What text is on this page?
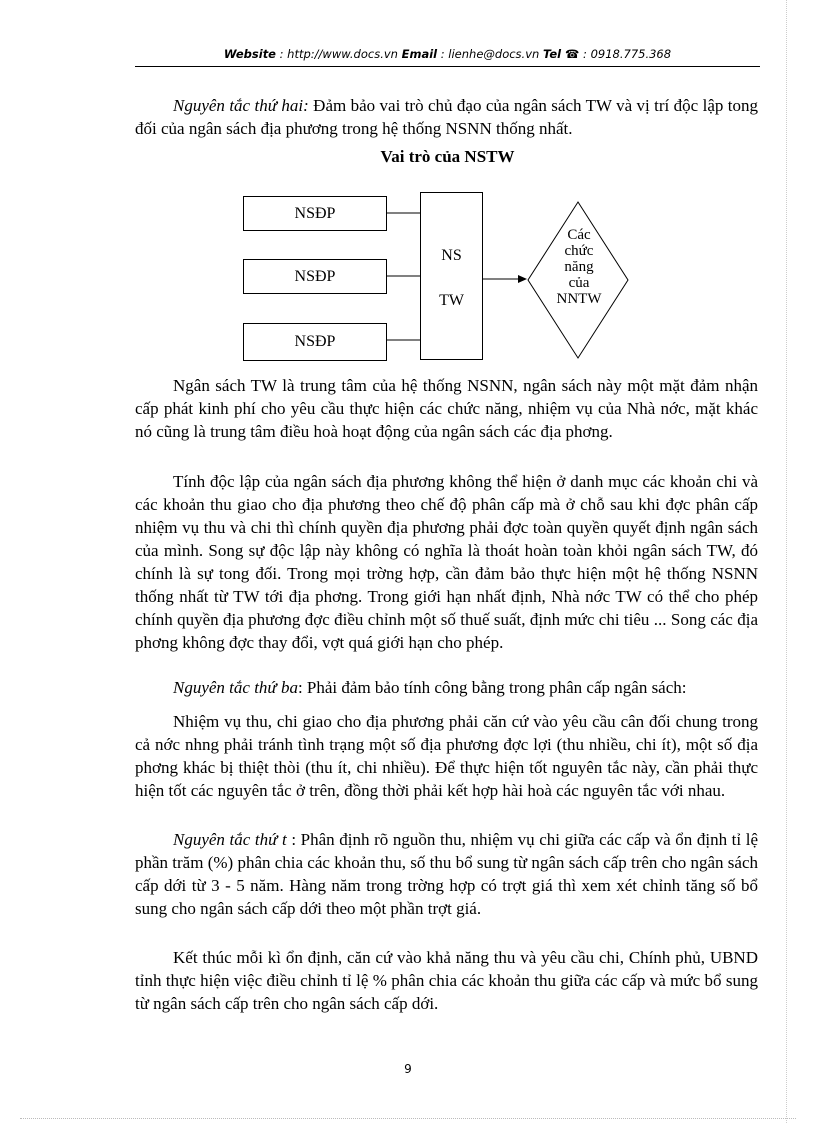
Website : http://www.docs.vn Email : lienhe@docs.vn Tel ☎ : 0918.775.368

Nguyên tắc thứ hai: Đảm bảo vai trò chủ đạo của ngân sách TW và vị trí độc lập tong đối của ngân sách địa phương trong hệ thống NSNN thống nhất.

Vai trò của NSTW
NSĐP
NSĐP
NSĐP
NS
TW
Các
chức
năng
của
NNTW

Ngân sách TW là trung tâm của hệ thống NSNN, ngân sách này một mặt đảm nhận cấp phát kinh phí cho yêu cầu thực hiện các chức năng, nhiệm vụ của Nhà nớc, mặt khác nó cũng là trung tâm điều hoà hoạt động của ngân sách các địa phơng.

Tính độc lập của ngân sách địa phương không thể hiện ở danh mục các khoản chi và các khoản thu giao cho địa phương theo chế độ phân cấp mà ở chỗ sau khi đợc phân cấp nhiệm vụ thu và chi thì chính quyền địa phương phải đợc toàn quyền quyết định ngân sách của mình. Song sự độc lập này không có nghĩa là thoát hoàn toàn khỏi ngân sách TW, đó chính là sự tong đối. Trong mọi trờng hợp, cần đảm bảo thực hiện một hệ thống NSNN thống nhất từ TW tới địa phơng. Trong giới hạn nhất định, Nhà nớc TW có thể cho phép chính quyền địa phương đợc điều chỉnh một số thuế suất, định mức chi tiêu ... Song các địa phơng không đợc thay đổi, vợt quá giới hạn cho phép.

Nguyên tắc thứ ba: Phải đảm bảo tính công bằng trong phân cấp ngân sách:

Nhiệm vụ thu, chi giao cho địa phương phải căn cứ vào yêu cầu cân đối chung trong cả nớc nhng phải tránh tình trạng một số địa phương đợc lợi (thu nhiều, chi ít), một số địa phơng khác bị thiệt thòi (thu ít, chi nhiều). Để thực hiện tốt nguyên tắc này, cần phải thực hiện tốt các nguyên tắc ở trên, đồng thời phải kết hợp hài hoà các nguyên tắc với nhau.

Nguyên tắc thứ t : Phân định rõ nguồn thu, nhiệm vụ chi giữa các cấp và ổn định tỉ lệ phần trăm (%) phân chia các khoản thu, số thu bổ sung từ ngân sách cấp trên cho ngân sách cấp dới từ 3 - 5 năm. Hàng năm trong trờng hợp có trợt giá thì xem xét chỉnh tăng số bổ sung cho ngân sách cấp dới theo một phần trợt giá.

Kết thúc mỗi kì ổn định, căn cứ vào khả năng thu và yêu cầu chi, Chính phủ, UBND tỉnh thực hiện việc điều chỉnh tỉ lệ % phân chia các khoản thu giữa các cấp và mức bổ sung từ ngân sách cấp trên cho ngân sách cấp dới.

9
